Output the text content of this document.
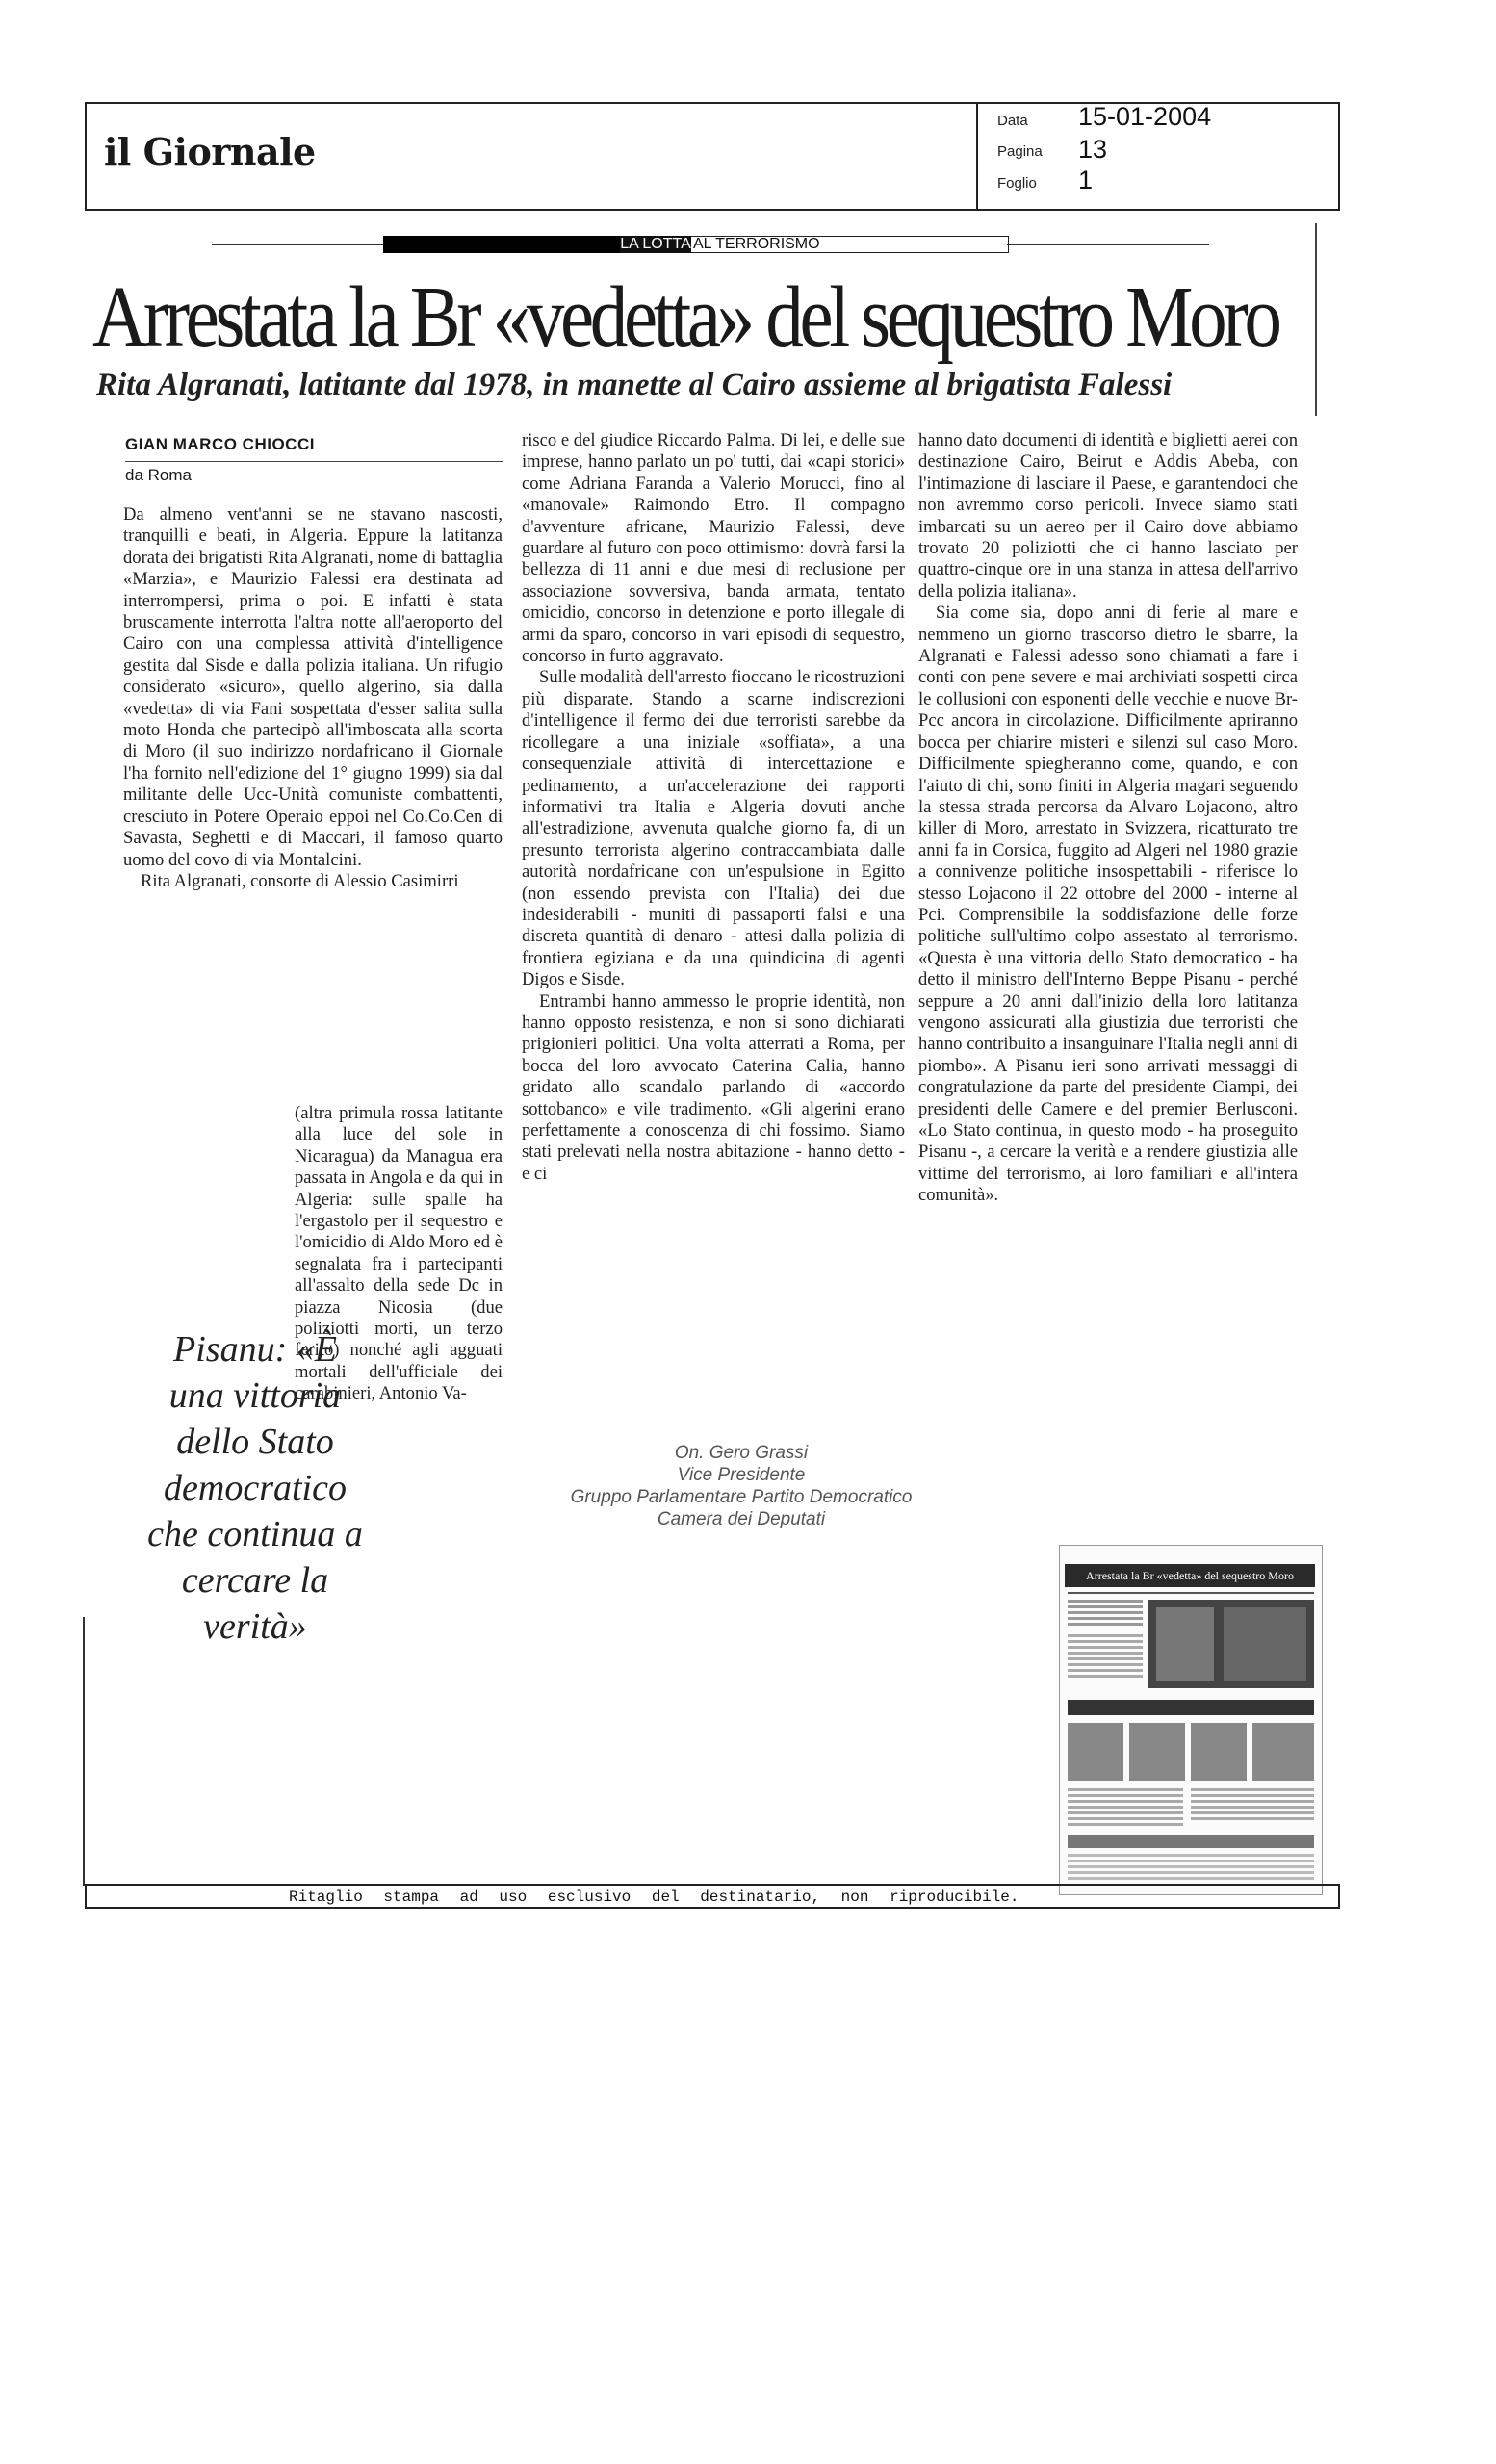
il Giornale
Data 15-01-2004
Pagina 13
Foglio 1
LA LOTTA AL TERRORISMO
Arrestata la Br «vedetta» del sequestro Moro
Rita Algranati, latitante dal 1978, in manette al Cairo assieme al brigatista Falessi
GIAN MARCO CHIOCCI
da Roma

Da almeno vent'anni se ne stavano nascosti, tranquilli e beati, in Algeria. Eppure la latitanza dorata dei brigatisti Rita Algranati, nome di battaglia «Marzia», e Maurizio Falessi era destinata ad interrompersi, prima o poi. E infatti è stata bruscamente interrotta l'altra notte all'aeroporto del Cairo con una complessa attività d'intelligence gestita dal Sisde e dalla polizia italiana. Un rifugio considerato «sicuro», quello algerino, sia dalla «vedetta» di via Fani sospettata d'esser salita sulla moto Honda che partecipò all'imboscata alla scorta di Moro (il suo indirizzo nordafricano il Giornale l'ha fornito nell'edizione del 1° giugno 1999) sia dal militante delle Ucc-Unità comuniste combattenti, cresciuto in Potere Operaio eppoi nel Co.Co.Cen di Savasta, Seghetti e di Maccari, il famoso quarto uomo del covo di via Montalcini.

Rita Algranati, consorte di Alessio Casimirri

(altra primula rossa latitante alla luce del sole in Nicaragua) da Managua era passata in Angola e da qui in Algeria: sulle spalle ha l'ergastolo per il sequestro e l'omicidio di Aldo Moro ed è segnalata fra i partecipanti all'assalto della sede Dc in piazza Nicosia (due poliziotti morti, un terzo ferito) nonché agli agguati mortali dell'ufficiale dei carabinieri, Antonio Va-

risco e del giudice Riccardo Palma. Di lei, e delle sue imprese, hanno parlato un po' tutti, dai «capi storici» come Adriana Faranda a Valerio Morucci, fino al «manovale» Raimondo Etro. Il compagno d'avventure africane, Maurizio Falessi, deve guardare al futuro con poco ottimismo: dovrà farsi la bellezza di 11 anni e due mesi di reclusione per associazione sovversiva, banda armata, tentato omicidio, concorso in detenzione e porto illegale di armi da sparo, concorso in vari episodi di sequestro, concorso in furto aggravato.

Sulle modalità dell'arresto fioccano le ricostruzioni più disparate. Stando a scarne indiscrezioni d'intelligence il fermo dei due terroristi sarebbe da ricollegare a una iniziale «soffiata», a una consequenziale attività di intercettazione e pedinamento, a un'accelerazione dei rapporti informativi tra Italia e Algeria dovuti anche all'estradizione, avvenuta qualche giorno fa, di un presunto terrorista algerino contraccambiata dalle autorità nordafricane con un'espulsione in Egitto (non essendo prevista con l'Italia) dei due indesiderabili - muniti di passaporti falsi e una discreta quantità di denaro - attesi dalla polizia di frontiera egiziana e da una quindicina di agenti Digos e Sisde.

Entrambi hanno ammesso le proprie identità, non hanno opposto resistenza, e non si sono dichiarati prigionieri politici. Una volta atterrati a Roma, per bocca del loro avvocato Caterina Calia, hanno gridato allo scandalo parlando di «accordo sottobanco» e vile tradimento. «Gli algerini erano perfettamente a conoscenza di chi fossimo. Siamo stati prelevati nella nostra abitazione - hanno detto - e ci

hanno dato documenti di identità e biglietti aerei con destinazione Cairo, Beirut e Addis Abeba, con l'intimazione di lasciare il Paese, e garantendoci che non avremmo corso pericoli. Invece siamo stati imbarcati su un aereo per il Cairo dove abbiamo trovato 20 poliziotti che ci hanno lasciato per quattro-cinque ore in una stanza in attesa dell'arrivo della polizia italiana».

Sia come sia, dopo anni di ferie al mare e nemmeno un giorno trascorso dietro le sbarre, la Algranati e Falessi adesso sono chiamati a fare i conti con pene severe e mai archiviati sospetti circa le collusioni con esponenti delle vecchie e nuove Br-Pcc ancora in circolazione. Difficilmente apriranno bocca per chiarire misteri e silenzi sul caso Moro. Difficilmente spiegheranno come, quando, e con l'aiuto di chi, sono finiti in Algeria magari seguendo la stessa strada percorsa da Alvaro Lojacono, altro killer di Moro, arrestato in Svizzera, ricatturato tre anni fa in Corsica, fuggito ad Algeri nel 1980 grazie a connivenze politiche insospettabili - riferisce lo stesso Lojacono il 22 ottobre del 2000 - interne al Pci. Comprensibile la soddisfazione delle forze politiche sull'ultimo colpo assestato al terrorismo. «Questa è una vittoria dello Stato democratico - ha detto il ministro dell'Interno Beppe Pisanu - perché seppure a 20 anni dall'inizio della loro latitanza vengono assicurati alla giustizia due terroristi che hanno contribuito a insanguinare l'Italia negli anni di piombo». A Pisanu ieri sono arrivati messaggi di congratulazione da parte del presidente Ciampi, dei presidenti delle Camere e del premier Berlusconi. «Lo Stato continua, in questo modo - ha proseguito Pisanu -, a cercare la verità e a rendere giustizia alle vittime del terrorismo, ai loro familiari e all'intera comunità».

Pisanu: «È una vittoria dello Stato democratico che continua a cercare la verità»
On. Gero Grassi
Vice Presidente
Gruppo Parlamentare Partito Democratico
Camera dei Deputati
Arrestata la Br «vedetta» del sequestro Moro
Ritaglio stampa ad uso esclusivo del destinatario, non riproducibile.
